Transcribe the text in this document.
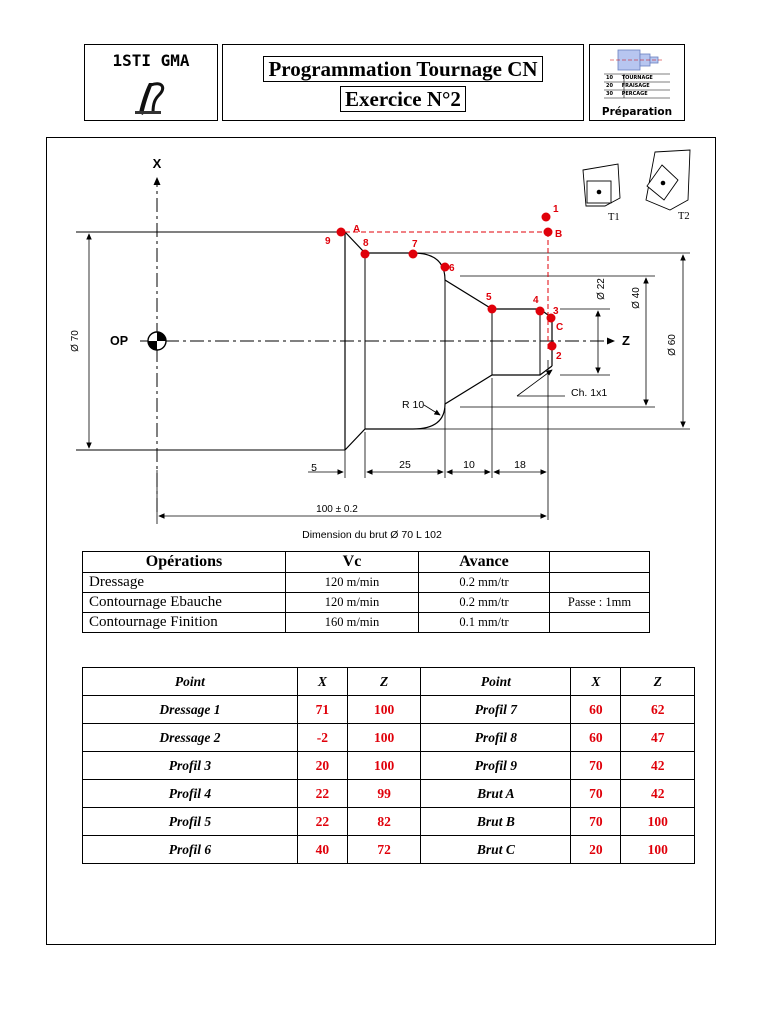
1STI GMA	Programmation Tournage CN
Exercice N°2
10 TOURNAGE
20 FRAISAGE
30 PERCAGE
Préparation
X
Z
OP
Ø 70	Ø 60
Ø 40
Ø 22
1
2
3
4
5
6
7
8
9
A	B
C
Ch. 1x1
R 10
T1	T2
5	25	10	18
100 ± 0.2
Dimension du brut Ø 70 L 102
Opérations	Vc	Avance	
Dressage	120 m/min	0.2 mm/tr	
Contournage Ebauche	120 m/min	0.2 mm/tr	Passe : 1mm
Contournage Finition	160 m/min	0.1 mm/tr	
Point	X	Z	Point	X	Z
Dressage 1	71	100	Profil 7	60	62
Dressage 2	-2	100	Profil 8	60	47
Profil 3	20	100	Profil 9	70	42
Profil 4	22	99	Brut A	70	42
Profil 5	22	82	Brut B	70	100
Profil 6	40	72	Brut C	20	100
